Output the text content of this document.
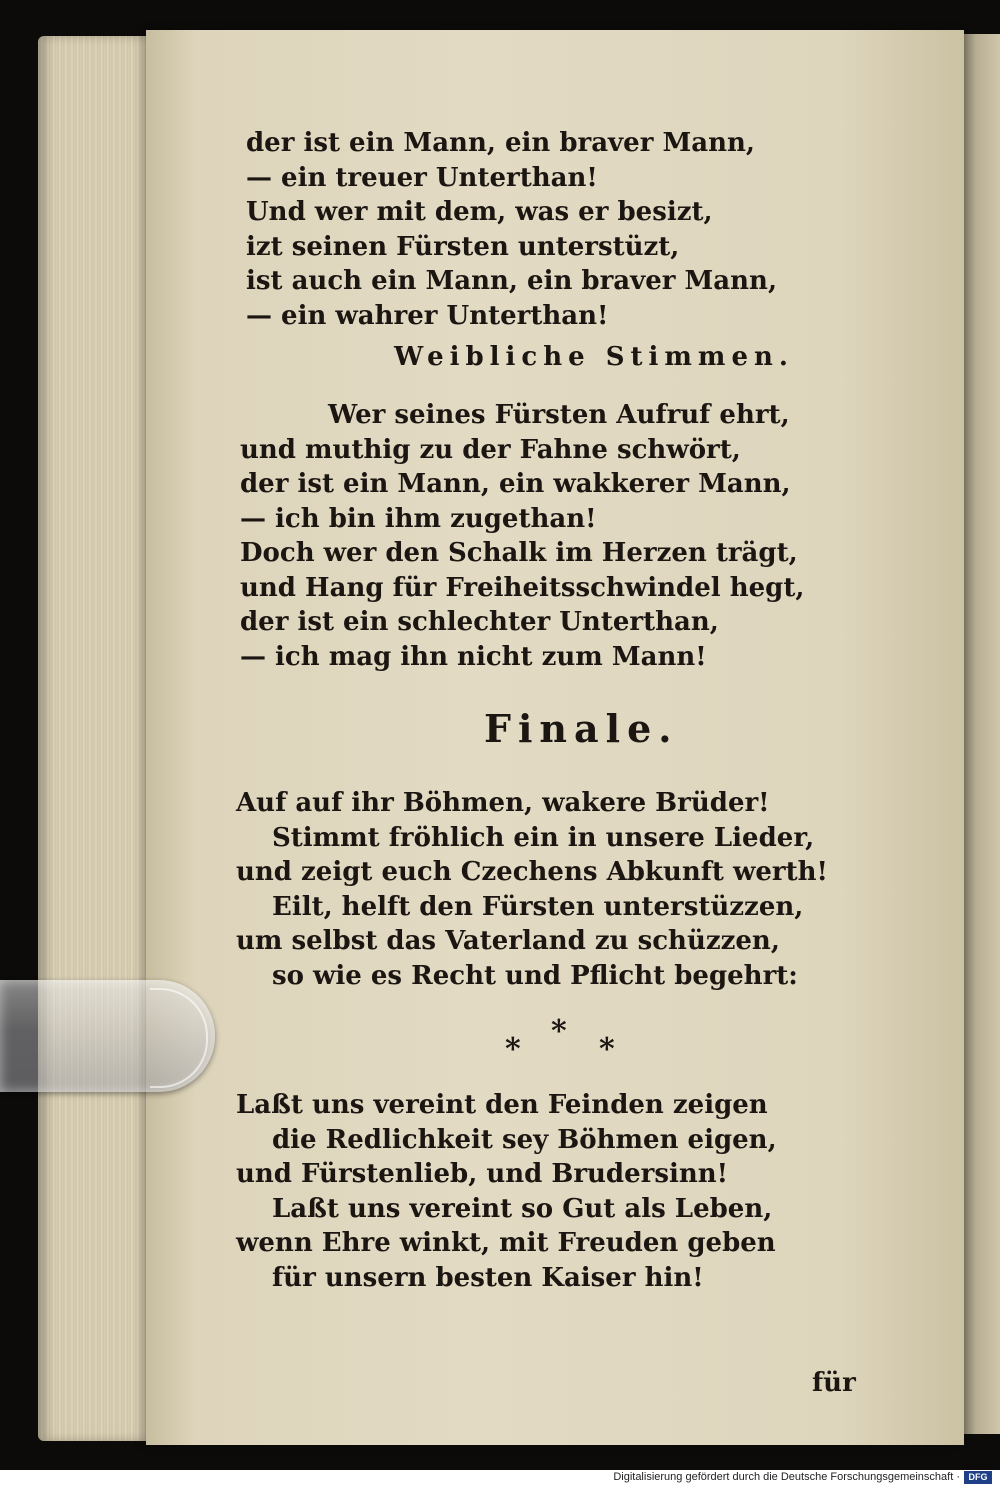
der ist ein Mann, ein braver Mann,
— ein treuer Unterthan!
Und wer mit dem, was er besizt,
izt seinen Fürsten unterstüzt,
ist auch ein Mann, ein braver Mann,
— ein wahrer Unterthan!
Weibliche Stimmen.
Wer seines Fürsten Aufruf ehrt,
und muthig zu der Fahne schwört,
der ist ein Mann, ein wakkerer Mann,
— ich bin ihm zugethan!
Doch wer den Schalk im Herzen trägt,
und Hang für Freiheitsschwindel hegt,
der ist ein schlechter Unterthan,
— ich mag ihn nicht zum Mann!
Finale.
Auf auf ihr Böhmen, wakere Brüder!
Stimmt fröhlich ein in unsere Lieder,
und zeigt euch Czechens Abkunft werth!
Eilt, helft den Fürsten unterstüzzen,
um selbst das Vaterland zu schüzzen,
so wie es Recht und Pflicht begehrt:
*
*	*
Laßt uns vereint den Feinden zeigen
die Redlichkeit sey Böhmen eigen,
und Fürstenlieb, und Brudersinn!
Laßt uns vereint so Gut als Leben,
wenn Ehre winkt, mit Freuden geben
für unsern besten Kaiser hin!
für
Digitalisierung gefördert durch die Deutsche Forschungsgemeinschaft · DFG
